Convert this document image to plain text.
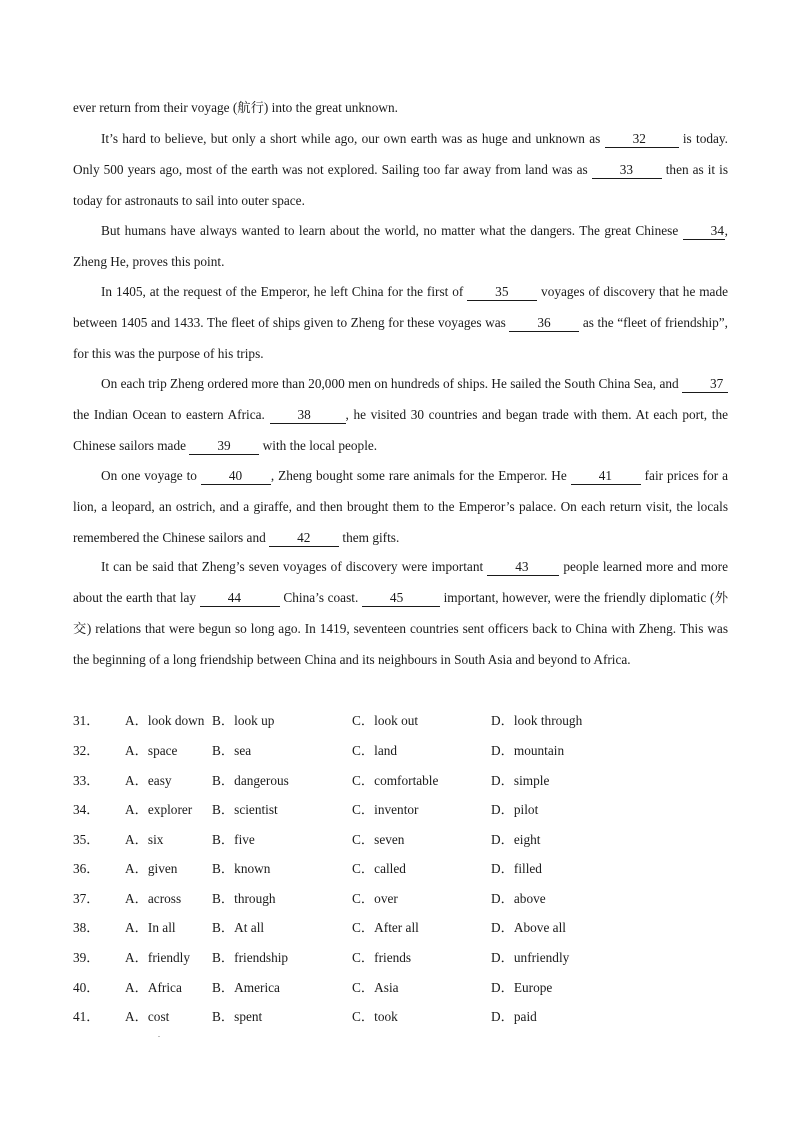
ever return from their voyage (航行) into the great unknown.

It’s hard to believe, but only a short while ago, our own earth was as huge and unknown as 32	is today. Only 500 years ago, most of the earth was not explored. Sailing too far away from land was as 33 then as it is today for astronauts to sail into outer space.

But humans have always wanted to learn about the world, no matter what the dangers. The great Chinese 34, Zheng He, proves this point.

In 1405, at the request of the Emperor, he left China for the first of 35 voyages of discovery that he made between 1405 and 1433. The fleet of ships given to Zheng for these voyages was 36 as the “fleet of friendship”, for this was the purpose of his trips.

On each trip Zheng ordered more than 20,000 men on hundreds of ships. He sailed the South China Sea, and 37 the Indian Ocean to eastern Africa. 38	, he visited 30 countries and began trade with them. At each port, the Chinese sailors made 39 with the local people.

On one voyage to 40 , Zheng bought some rare animals for the Emperor. He 41 fair prices for a lion, a leopard, an ostrich, and a giraffe, and then brought them to the Emperor’s palace. On each return visit, the locals remembered the Chinese sailors and 42 them gifts.

It can be said that Zheng’s seven voyages of discovery were important 43	people learned more and more about the earth that lay 44	China’s coast. 45	important, however, were the friendly diplomatic (外交) relations that were begun so long ago. In 1419, seventeen countries sent officers back to China with Zheng. This was the beginning of a long friendship between China and its neighbours in South Asia and beyond to Africa.

31． A．look down B．look up	C．look out	D．look through
32． A．space	B．sea	C．land	D．mountain
33． A．easy	B．dangerous	C．comfortable	D．simple
34． A．explorer B．scientist	C．inventor	D．pilot
35． A．six	B．five	C．seven	D．eight
36． A．given	B．known	C．called	D．filled
37． A．across B．through	C．over	D．above
38． A．In all	B．At all	C．After all	D．Above all
39． A．friendly B．friendship	C．friends	D．unfriendly
40． A．Africa B．America	C．Asia	D．Europe
41． A．cost	B．spent	C．took	D．paid
